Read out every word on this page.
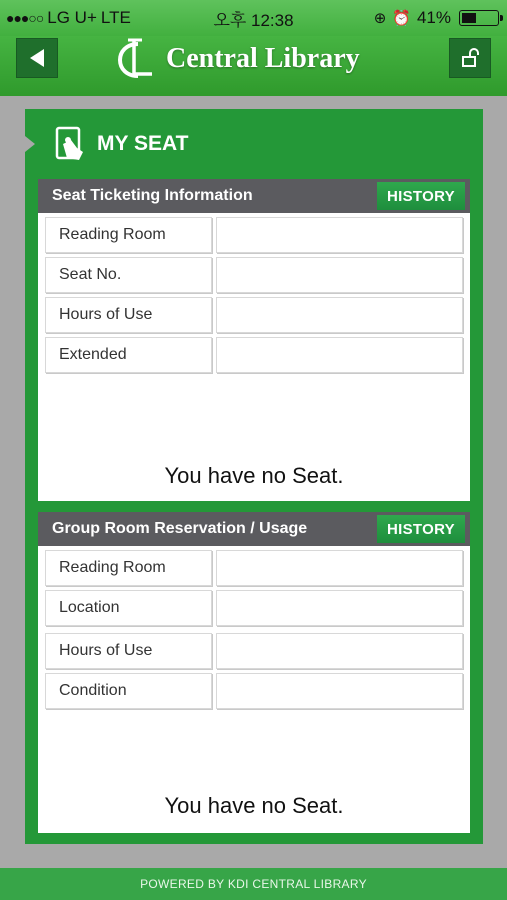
●●●○○ LG U+ LTE	오후 12:38	⊕ ⏰ 41%
Central Library
MY SEAT
Seat Ticketing Information	HISTORY
Reading Room
Seat No.
Hours of Use
Extended
You have no Seat.
Group Room Reservation / Usage	HISTORY
Reading Room
Location
Hours of Use
Condition
You have no Seat.
POWERED BY KDI CENTRAL LIBRARY
